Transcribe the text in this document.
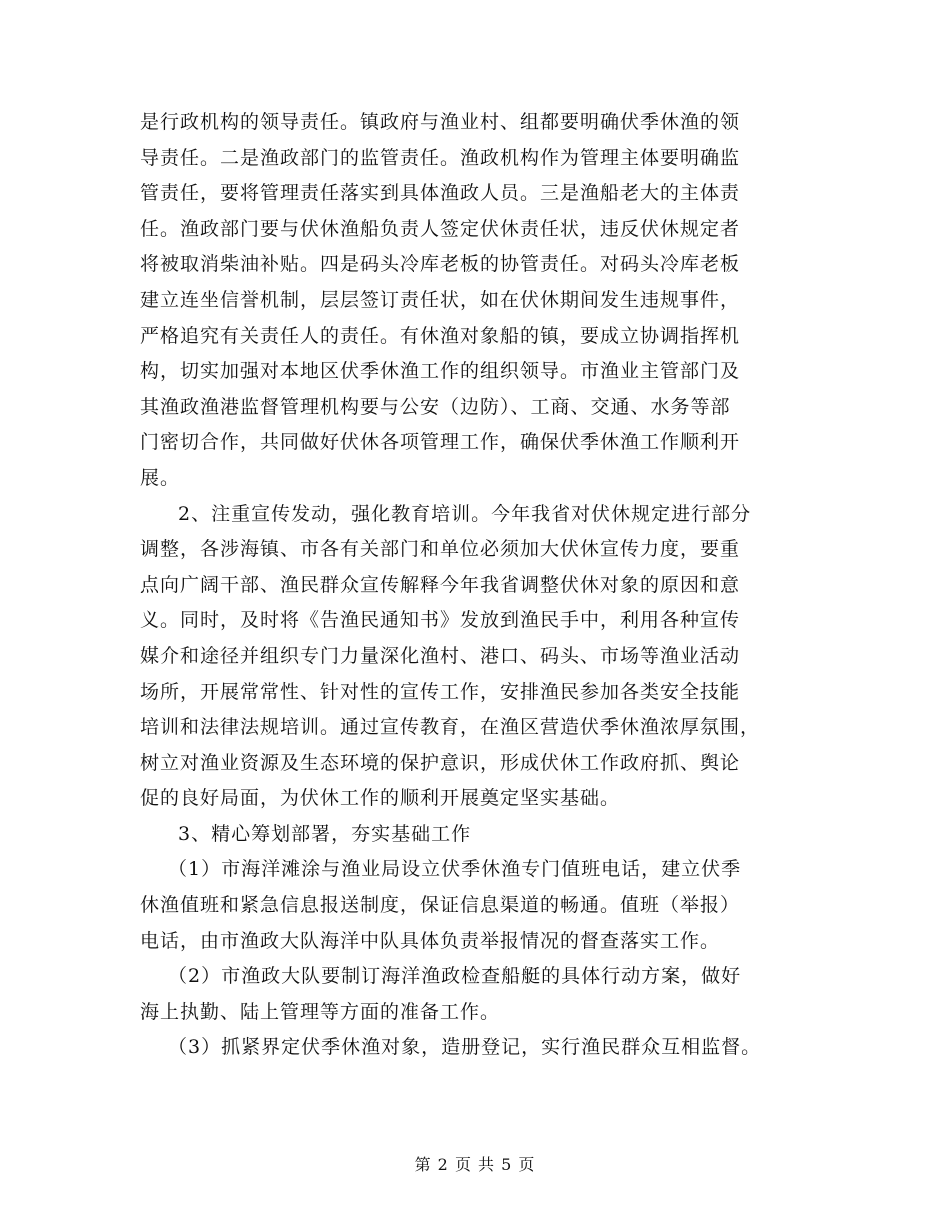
是行政机构的领导责任。镇政府与渔业村、组都要明确伏季休渔的领
导责任。二是渔政部门的监管责任。渔政机构作为管理主体要明确监
管责任，要将管理责任落实到具体渔政人员。三是渔船老大的主体责
任。渔政部门要与伏休渔船负责人签定伏休责任状，违反伏休规定者
将被取消柴油补贴。四是码头冷库老板的协管责任。对码头冷库老板
建立连坐信誉机制，层层签订责任状，如在伏休期间发生违规事件，
严格追究有关责任人的责任。有休渔对象船的镇，要成立协调指挥机
构，切实加强对本地区伏季休渔工作的组织领导。市渔业主管部门及
其渔政渔港监督管理机构要与公安（边防）、工商、交通、水务等部
门密切合作，共同做好伏休各项管理工作，确保伏季休渔工作顺利开
展。
2、注重宣传发动，强化教育培训。今年我省对伏休规定进行部分
调整，各涉海镇、市各有关部门和单位必须加大伏休宣传力度，要重
点向广阔干部、渔民群众宣传解释今年我省调整伏休对象的原因和意
义。同时，及时将《告渔民通知书》发放到渔民手中，利用各种宣传
媒介和途径并组织专门力量深化渔村、港口、码头、市场等渔业活动
场所，开展常常性、针对性的宣传工作，安排渔民参加各类安全技能
培训和法律法规培训。通过宣传教育，在渔区营造伏季休渔浓厚氛围，
树立对渔业资源及生态环境的保护意识，形成伏休工作政府抓、舆论
促的良好局面，为伏休工作的顺利开展奠定坚实基础。
3、精心筹划部署，夯实基础工作
（1）市海洋滩涂与渔业局设立伏季休渔专门值班电话，建立伏季
休渔值班和紧急信息报送制度，保证信息渠道的畅通。值班（举报）
电话，由市渔政大队海洋中队具体负责举报情况的督查落实工作。
（2）市渔政大队要制订海洋渔政检查船艇的具体行动方案，做好
海上执勤、陆上管理等方面的准备工作。
（3）抓紧界定伏季休渔对象，造册登记，实行渔民群众互相监督。
第 2 页 共 5 页
